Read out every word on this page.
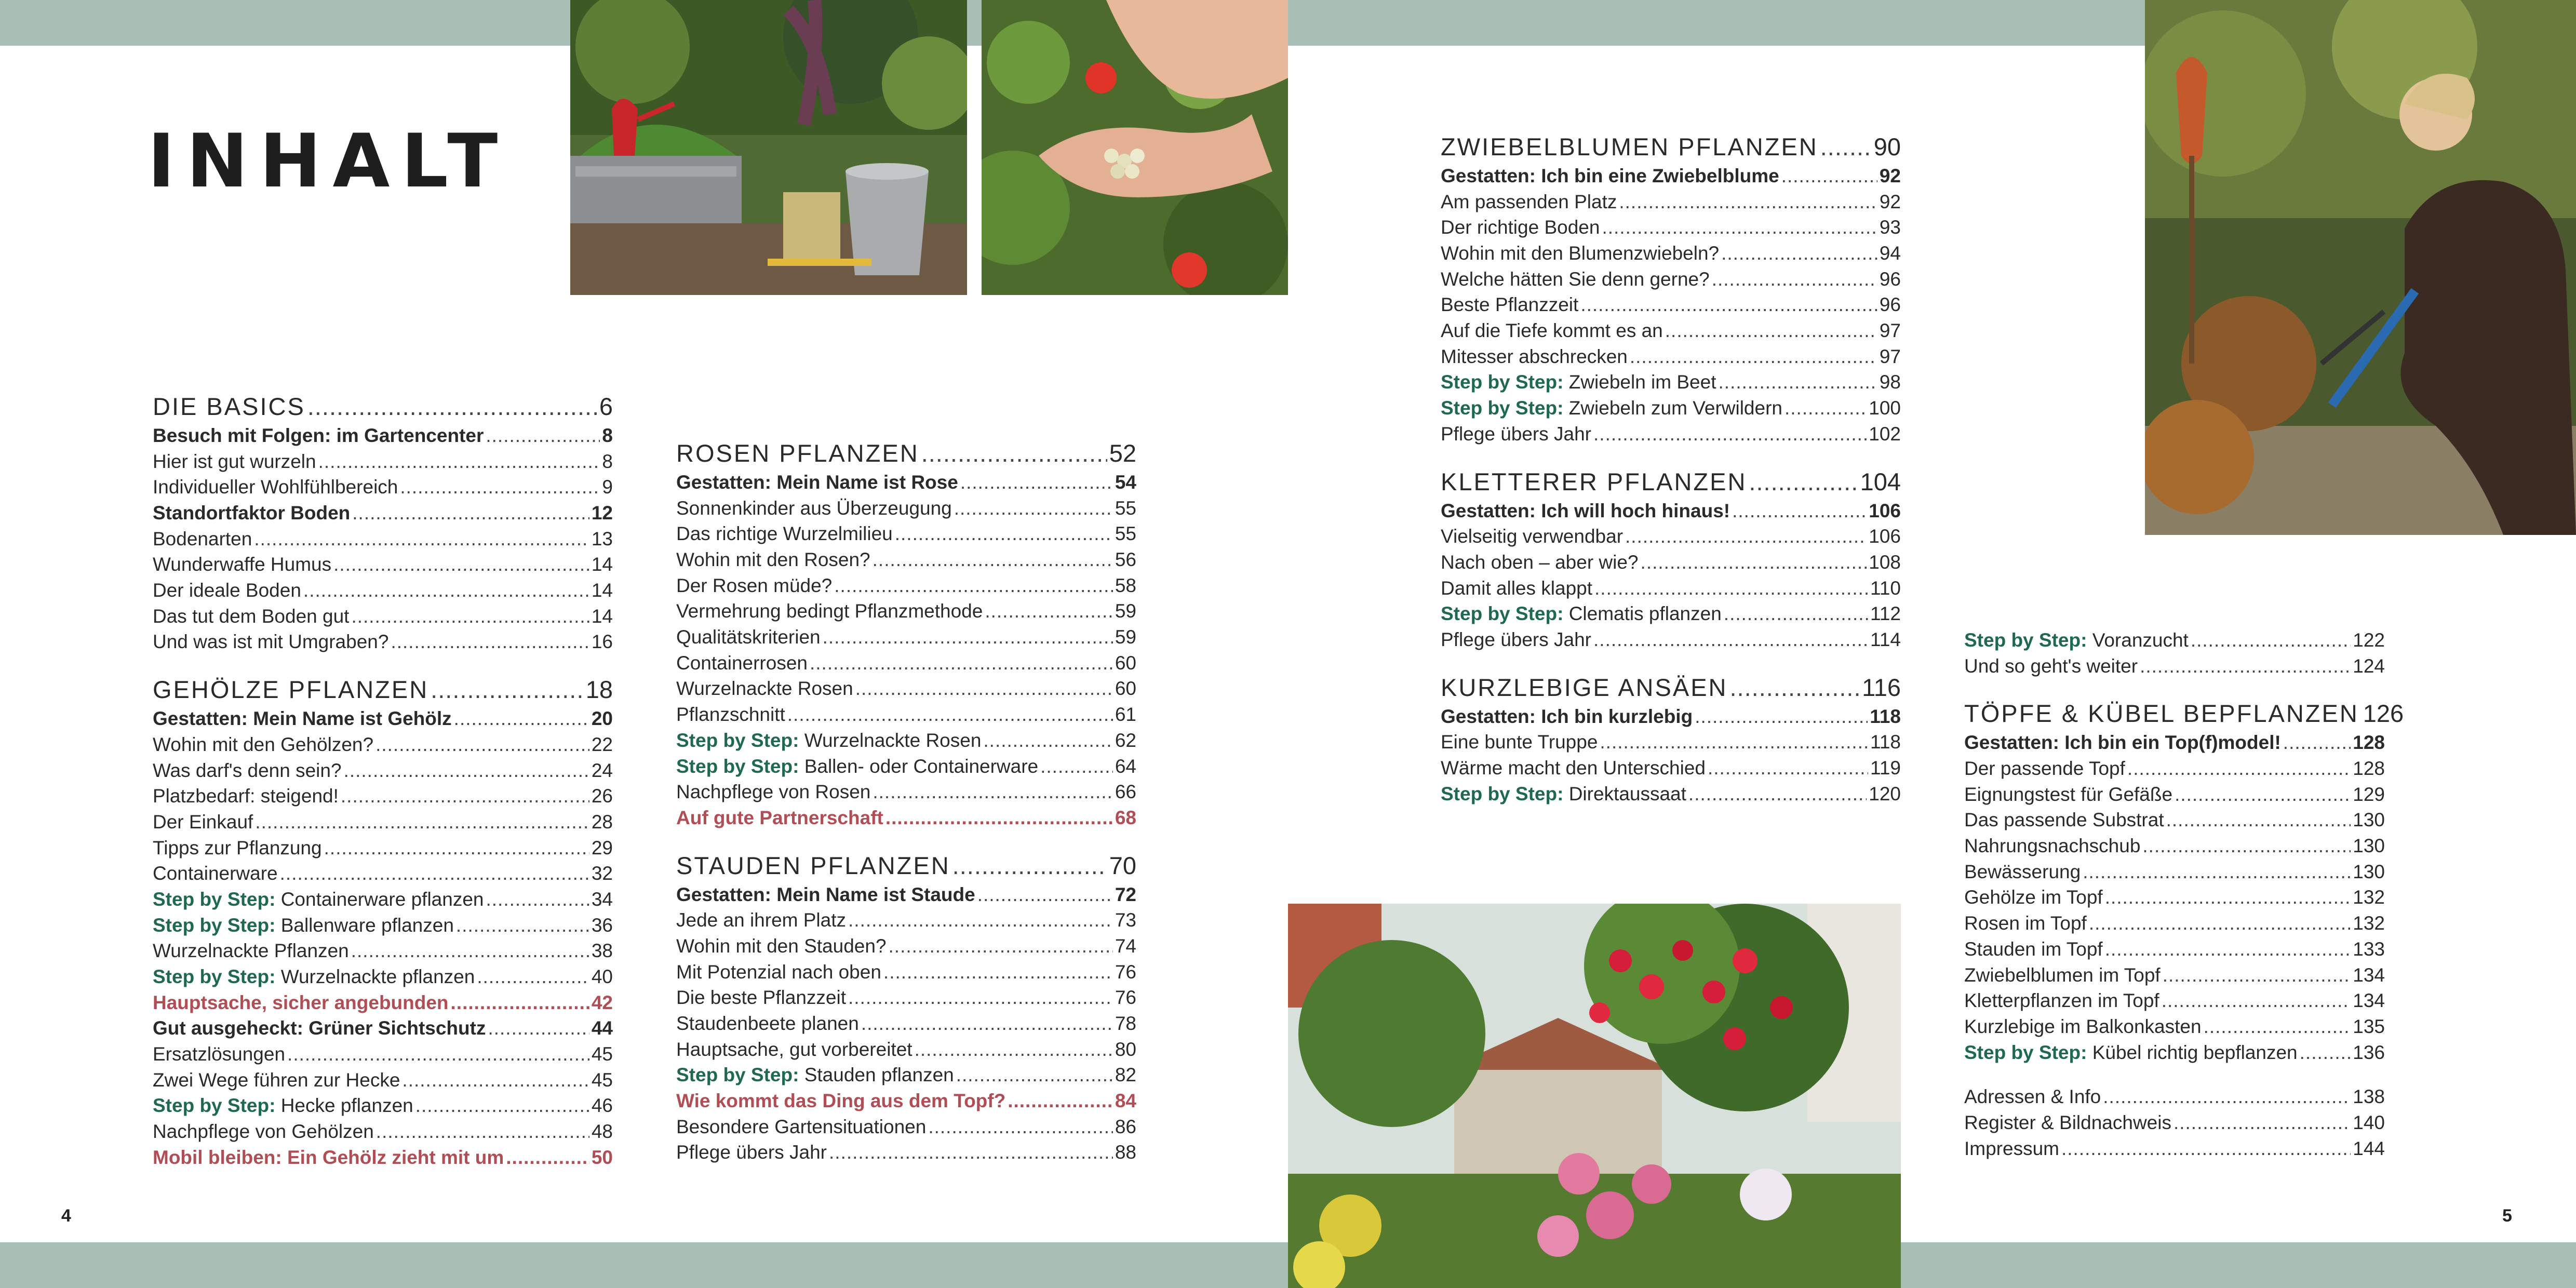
INHALT
DIE BASICS .....	6
Besuch mit Folgen: im Gartencenter .....	8
Hier ist gut wurzeln .....	8
Individueller Wohlfühlbereich .....	9
Standortfaktor Boden .....	12
Bodenarten .....	13
Wunderwaffe Humus .....	14
Der ideale Boden .....	14
Das tut dem Boden gut .....	14
Und was ist mit Umgraben? .....	16
GEHÖLZE PFLANZEN .....	18
Gestatten: Mein Name ist Gehölz .....	20
Wohin mit den Gehölzen? .....	22
Was darf's denn sein? .....	24
Platzbedarf: steigend! .....	26
Der Einkauf .....	28
Tipps zur Pflanzung .....	29
Containerware .....	32
Step by Step: Containerware pflanzen .....	34
Step by Step: Ballenware pflanzen .....	36
Wurzelnackte Pflanzen .....	38
Step by Step: Wurzelnackte pflanzen .....	40
Hauptsache, sicher angebunden .....	42
Gut ausgeheckt: Grüner Sichtschutz .....	44
Ersatzlösungen .....	45
Zwei Wege führen zur Hecke .....	45
Step by Step: Hecke pflanzen .....	46
Nachpflege von Gehölzen .....	48
Mobil bleiben: Ein Gehölz zieht mit um .....	50
ROSEN PFLANZEN .....	52
Gestatten: Mein Name ist Rose .....	54
Sonnenkinder aus Überzeugung .....	55
Das richtige Wurzelmilieu .....	55
Wohin mit den Rosen? .....	56
Der Rosen müde? .....	58
Vermehrung bedingt Pflanzmethode .....	59
Qualitätskriterien .....	59
Containerrosen .....	60
Wurzelnackte Rosen .....	60
Pflanzschnitt .....	61
Step by Step: Wurzelnackte Rosen .....	62
Step by Step: Ballen- oder Containerware .....	64
Nachpflege von Rosen .....	66
Auf gute Partnerschaft .....	68
STAUDEN PFLANZEN .....	70
Gestatten: Mein Name ist Staude .....	72
Jede an ihrem Platz .....	73
Wohin mit den Stauden? .....	74
Mit Potenzial nach oben .....	76
Die beste Pflanzzeit .....	76
Staudenbeete planen .....	78
Hauptsache, gut vorbereitet .....	80
Step by Step: Stauden pflanzen .....	82
Wie kommt das Ding aus dem Topf? .....	84
Besondere Gartensituationen .....	86
Pflege übers Jahr .....	88
ZWIEBELBLUMEN PFLANZEN ..... 90
Gestatten: Ich bin eine Zwiebelblume .....	92
Am passenden Platz .....	92
Der richtige Boden .....	93
Wohin mit den Blumenzwiebeln? .....	94
Welche hätten Sie denn gerne? .....	96
Beste Pflanzzeit .....	96
Auf die Tiefe kommt es an .....	97
Mitesser abschrecken .....	97
Step by Step: Zwiebeln im Beet .....	98
Step by Step: Zwiebeln zum Verwildern .....	100
Pflege übers Jahr .....	102
KLETTERER PFLANZEN .....	104
Gestatten: Ich will hoch hinaus! .....	106
Vielseitig verwendbar .....	106
Nach oben – aber wie? .....	108
Damit alles klappt .....	110
Step by Step: Clematis pflanzen .....	112
Pflege übers Jahr .....	114
KURZLEBIGE ANSÄEN .....	116
Gestatten: Ich bin kurzlebig .....	118
Eine bunte Truppe .....	118
Wärme macht den Unterschied .....	119
Step by Step: Direktaussaat .....	120
Step by Step: Voranzucht .....	122
Und so geht's weiter .....	124
TÖPFE & KÜBEL BEPFLANZEN 126
Gestatten: Ich bin ein Top(f)model! .....	128
Der passende Topf .....	128
Eignungstest für Gefäße .....	129
Das passende Substrat .....	130
Nahrungsnachschub .....	130
Bewässerung .....	130
Gehölze im Topf .....	132
Rosen im Topf .....	132
Stauden im Topf .....	133
Zwiebelblumen im Topf .....	134
Kletterpflanzen im Topf .....	134
Kurzlebige im Balkonkasten .....	135
Step by Step: Kübel richtig bepflanzen .....	136
Adressen & Info .....	138
Register & Bildnachweis .....	140
Impressum .....	144
4	5
